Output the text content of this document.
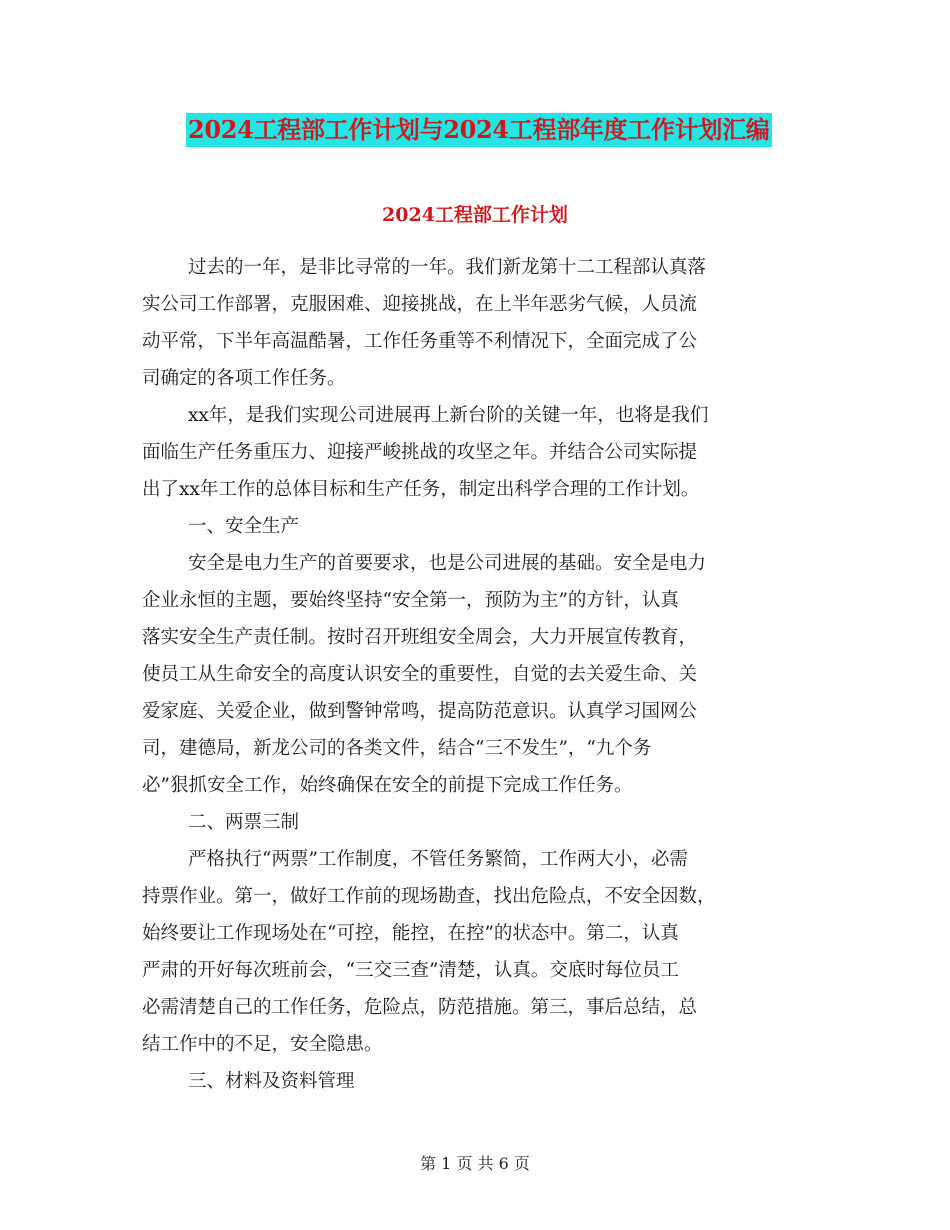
2024工程部工作计划与2024工程部年度工作计划汇编
2024工程部工作计划
过去的一年，是非比寻常的一年。我们新龙第十二工程部认真落
实公司工作部署，克服困难、迎接挑战，在上半年恶劣气候，人员流
动平常，下半年高温酷暑，工作任务重等不利情况下，全面完成了公
司确定的各项工作任务。
xx年，是我们实现公司进展再上新台阶的关键一年，也将是我们
面临生产任务重压力、迎接严峻挑战的攻坚之年。并结合公司实际提
出了xx年工作的总体目标和生产任务，制定出科学合理的工作计划。
一、安全生产
安全是电力生产的首要要求，也是公司进展的基础。安全是电力
企业永恒的主题，要始终坚持“安全第一，预防为主”的方针，认真
落实安全生产责任制。按时召开班组安全周会，大力开展宣传教育，
使员工从生命安全的高度认识安全的重要性，自觉的去关爱生命、关
爱家庭、关爱企业，做到警钟常鸣，提高防范意识。认真学习国网公
司，建德局，新龙公司的各类文件，结合“三不发生”，“九个务
必”狠抓安全工作，始终确保在安全的前提下完成工作任务。
二、两票三制
严格执行“两票”工作制度，不管任务繁简，工作两大小，必需
持票作业。第一，做好工作前的现场勘查，找出危险点，不安全因数，
始终要让工作现场处在“可控，能控，在控”的状态中。第二，认真
严肃的开好每次班前会，“三交三查”清楚，认真。交底时每位员工
必需清楚自己的工作任务，危险点，防范措施。第三，事后总结，总
结工作中的不足，安全隐患。
三、材料及资料管理
第 1 页 共 6 页
